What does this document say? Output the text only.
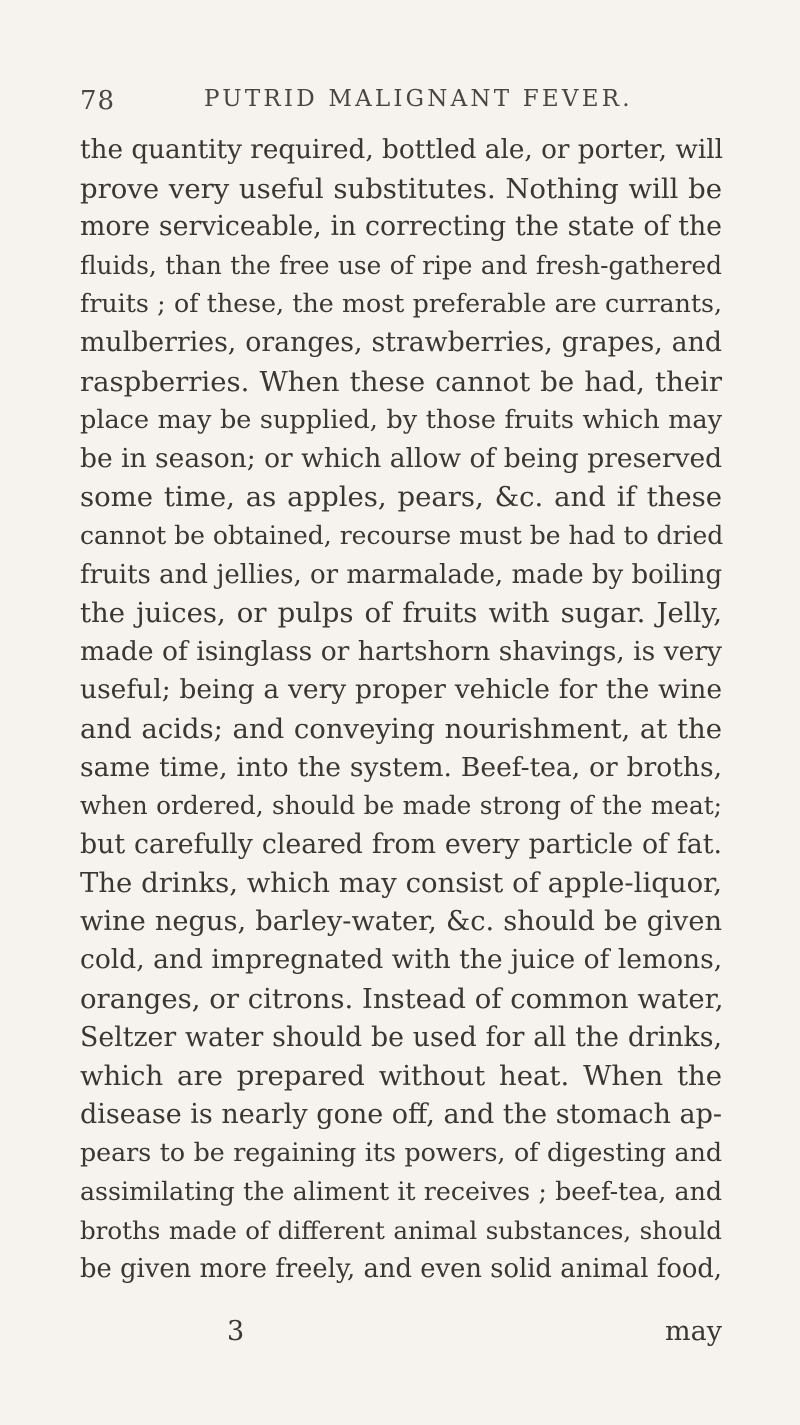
78	PUTRID MALIGNANT FEVER.
the quantity required, bottled ale, or porter, will
prove very useful substitutes. Nothing will be
more serviceable, in correcting the state of the
fluids, than the free use of ripe and fresh-gathered
fruits ; of these, the most preferable are currants,
mulberries, oranges, strawberries, grapes, and
raspberries. When these cannot be had, their
place may be supplied, by those fruits which may
be in season; or which allow of being preserved
some time, as apples, pears, &c. and if these
cannot be obtained, recourse must be had to dried
fruits and jellies, or marmalade, made by boiling
the juices, or pulps of fruits with sugar. Jelly,
made of isinglass or hartshorn shavings, is very
useful; being a very proper vehicle for the wine
and acids; and conveying nourishment, at the
same time, into the system. Beef-tea, or broths,
when ordered, should be made strong of the meat;
but carefully cleared from every particle of fat.
The drinks, which may consist of apple-liquor,
wine negus, barley-water, &c. should be given
cold, and impregnated with the juice of lemons,
oranges, or citrons. Instead of common water,
Seltzer water should be used for all the drinks,
which are prepared without heat. When the
disease is nearly gone off, and the stomach ap-
pears to be regaining its powers, of digesting and
assimilating the aliment it receives ; beef-tea, and
broths made of different animal substances, should
be given more freely, and even solid animal food,
3	may
